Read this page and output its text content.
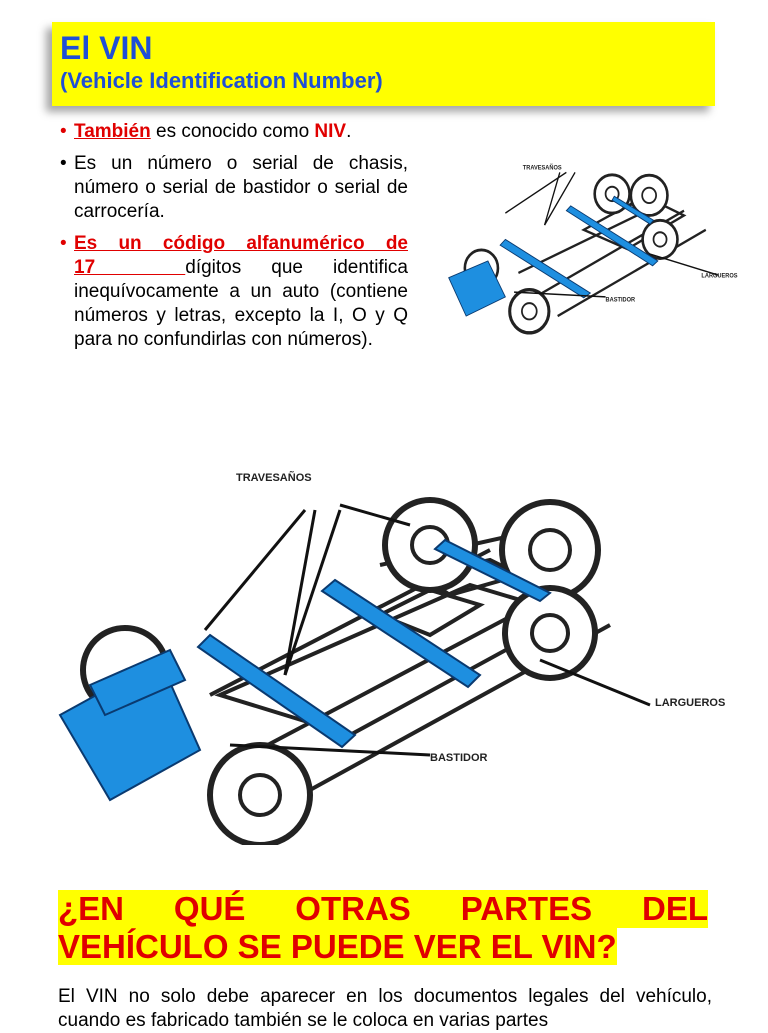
El VIN
(Vehicle Identification Number)
• También es conocido como NIV.
• Es un número o serial de chasis, número o serial de bastidor o serial de carrocería.
• Es un código alfanumérico de 17   dígitos que identifica inequívocamente a un auto (contiene números y letras, excepto la I, O y Q para no confundirlas con números).
TRAVESAÑOS
LARGUEROS
BASTIDOR
TRAVESAÑOS
LARGUEROS
BASTIDOR
¿EN QUÉ OTRAS PARTES DEL
VEHÍCULO SE PUEDE VER EL VIN?
El VIN no solo debe aparecer en los documentos legales del vehículo, cuando es fabricado también se le coloca en varias partes
